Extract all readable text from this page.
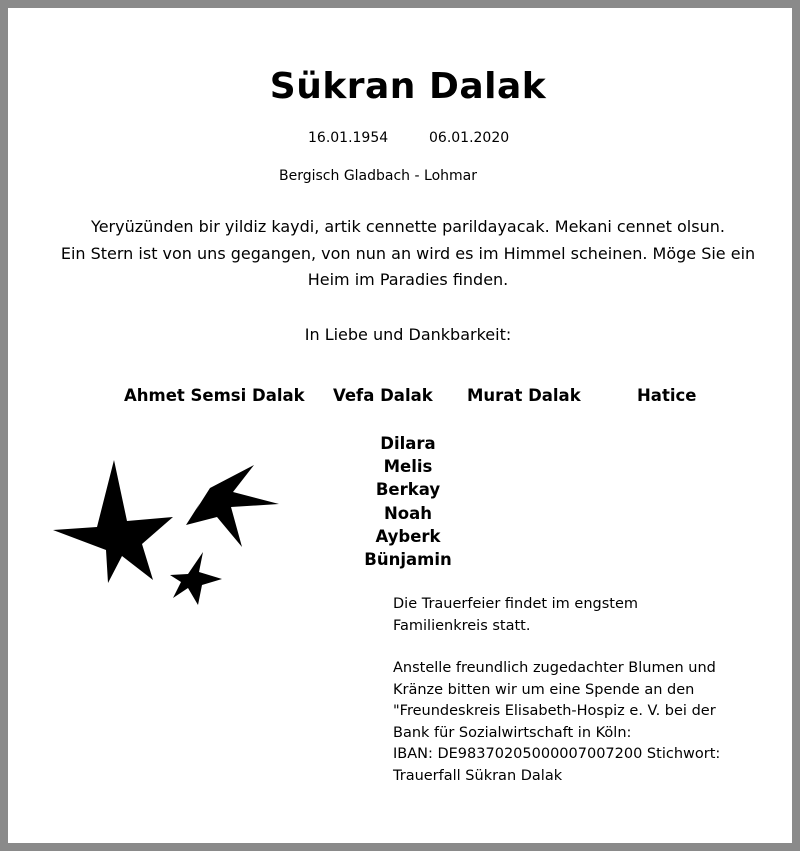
Sükran Dalak
16.01.1954	06.01.2020
Bergisch Gladbach - Lohmar
Yeryüzünden bir yildiz kaydi, artik cennette parildayacak. Mekani cennet olsun.
Ein Stern ist von uns gegangen, von nun an wird es im Himmel scheinen. Möge Sie ein Heim im Paradies finden.
In Liebe und Dankbarkeit:
Ahmet Semsi Dalak Vefa Dalak Murat Dalak	Hatice
Dilara
Melis
Berkay
Noah
Ayberk
Bünjamin

Die Trauerfeier findet im engstem

Familienkreis statt.

Anstelle freundlich zugedachter Blumen und

Kränze bitten wir um eine Spende an den

"Freundeskreis Elisabeth-Hospiz e. V. bei der

Bank für Sozialwirtschaft in Köln:

IBAN: DE98370205000007007200 Stichwort:

Trauerfall Sükran Dalak
